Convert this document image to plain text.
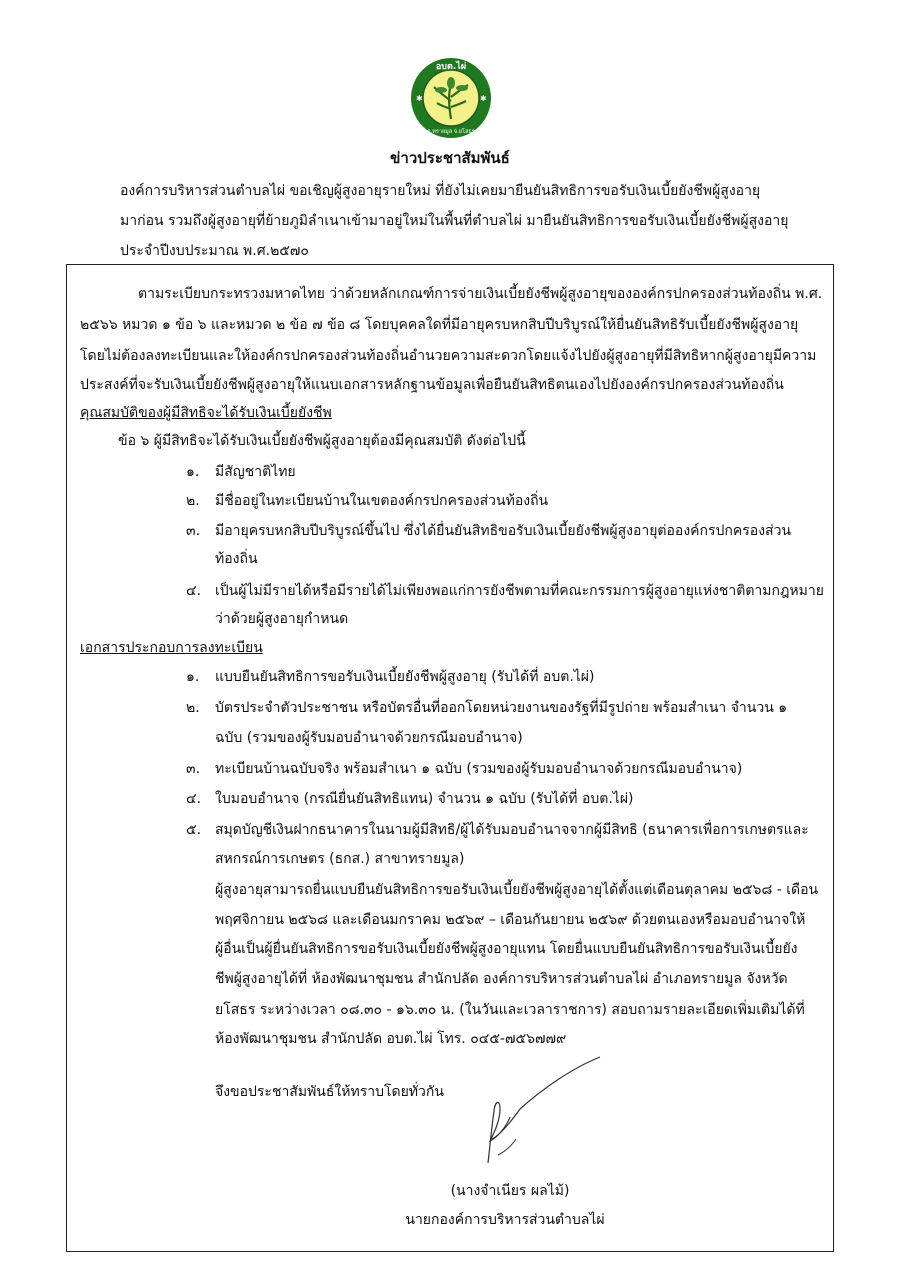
อบต.ไผ่
อ.ทรายมูล จ.ยโสธร
✱	✱
ข่าวประชาสัมพันธ์

องค์การบริหารส่วนตำบลไผ่ ขอเชิญผู้สูงอายุรายใหม่ ที่ยังไม่เคยมายืนยันสิทธิการขอรับเงินเบี้ยยังชีพผู้สูงอายุ

มาก่อน รวมถึงผู้สูงอายุที่ย้ายภูมิลำเนาเข้ามาอยู่ใหม่ในพื้นที่ตำบลไผ่ มายืนยันสิทธิการขอรับเงินเบี้ยยังชีพผู้สูงอายุ

ประจำปีงบประมาณ พ.ศ.๒๕๗๐

ตามระเบียบกระทรวงมหาดไทย ว่าด้วยหลักเกณฑ์การจ่ายเงินเบี้ยยังชีพผู้สูงอายุขององค์กรปกครองส่วนท้องถิ่น พ.ศ.
๒๕๖๖ หมวด ๑ ข้อ ๖ และหมวด ๒ ข้อ ๗ ข้อ ๘ โดยบุคคลใดที่มีอายุครบหกสิบปีบริบูรณ์ให้ยื่นยันสิทธิรับเบี้ยยังชีพผู้สูงอายุ
โดยไม่ต้องลงทะเบียนและให้องค์กรปกครองส่วนท้องถิ่นอำนวยความสะดวกโดยแจ้งไปยังผู้สูงอายุที่มีสิทธิหากผู้สูงอายุมีความ
ประสงค์ที่จะรับเงินเบี้ยยังชีพผู้สูงอายุให้แนบเอกสารหลักฐานข้อมูลเพื่อยืนยันสิทธิตนเองไปยังองค์กรปกครองส่วนท้องถิ่น
คุณสมบัติของผู้มีสิทธิจะได้รับเงินเบี้ยยังชีพ
ข้อ ๖ ผู้มีสิทธิจะได้รับเงินเบี้ยยังชีพผู้สูงอายุต้องมีคุณสมบัติ ดังต่อไปนี้
๑. มีสัญชาติไทย
๒. มีชื่ออยู่ในทะเบียนบ้านในเขตองค์กรปกครองส่วนท้องถิ่น
๓. มีอายุครบหกสิบปีบริบูรณ์ขึ้นไป ซึ่งได้ยื่นยันสิทธิขอรับเงินเบี้ยยังชีพผู้สูงอายุต่อองค์กรปกครองส่วน
ท้องถิ่น
๔. เป็นผู้ไม่มีรายได้หรือมีรายได้ไม่เพียงพอแก่การยังชีพตามที่คณะกรรมการผู้สูงอายุแห่งชาติตามกฎหมาย
ว่าด้วยผู้สูงอายุกำหนด
เอกสารประกอบการลงทะเบียน
๑. แบบยืนยันสิทธิการขอรับเงินเบี้ยยังชีพผู้สูงอายุ (รับได้ที่ อบต.ไผ่)
๒. บัตรประจำตัวประชาชน หรือบัตรอื่นที่ออกโดยหน่วยงานของรัฐที่มีรูปถ่าย พร้อมสำเนา จำนวน ๑
ฉบับ (รวมของผู้รับมอบอำนาจด้วยกรณีมอบอำนาจ)
๓. ทะเบียนบ้านฉบับจริง พร้อมสำเนา ๑ ฉบับ (รวมของผู้รับมอบอำนาจด้วยกรณีมอบอำนาจ)
๔. ใบมอบอำนาจ (กรณียื่นยันสิทธิแทน) จำนวน ๑ ฉบับ (รับได้ที่ อบต.ไผ่)
๕. สมุดบัญชีเงินฝากธนาคารในนามผู้มีสิทธิ/ผู้ได้รับมอบอำนาจจากผู้มีสิทธิ (ธนาคารเพื่อการเกษตรและ
สหกรณ์การเกษตร (ธกส.) สาขาทรายมูล)
ผู้สูงอายุสามารถยื่นแบบยืนยันสิทธิการขอรับเงินเบี้ยยังชีพผู้สูงอายุได้ตั้งแต่เดือนตุลาคม ๒๕๖๘ - เดือน
พฤศจิกายน ๒๕๖๘ และเดือนมกราคม ๒๕๖๙ – เดือนกันยายน ๒๕๖๙ ด้วยตนเองหรือมอบอำนาจให้
ผู้อื่นเป็นผู้ยื่นยันสิทธิการขอรับเงินเบี้ยยังชีพผู้สูงอายุแทน โดยยื่นแบบยืนยันสิทธิการขอรับเงินเบี้ยยัง
ชีพผู้สูงอายุได้ที่ ห้องพัฒนาชุมชน สำนักปลัด องค์การบริหารส่วนตำบลไผ่ อำเภอทรายมูล จังหวัด
ยโสธร ระหว่างเวลา ๐๘.๓๐ - ๑๖.๓๐ น. (ในวันและเวลาราชการ) สอบถามรายละเอียดเพิ่มเติมได้ที่
ห้องพัฒนาชุมชน สำนักปลัด อบต.ไผ่ โทร. ๐๔๕-๗๕๖๗๗๙
จึงขอประชาสัมพันธ์ให้ทราบโดยทั่วกัน
(นางจำเนียร ผลไม้)
นายกองค์การบริหารส่วนตำบลไผ่
